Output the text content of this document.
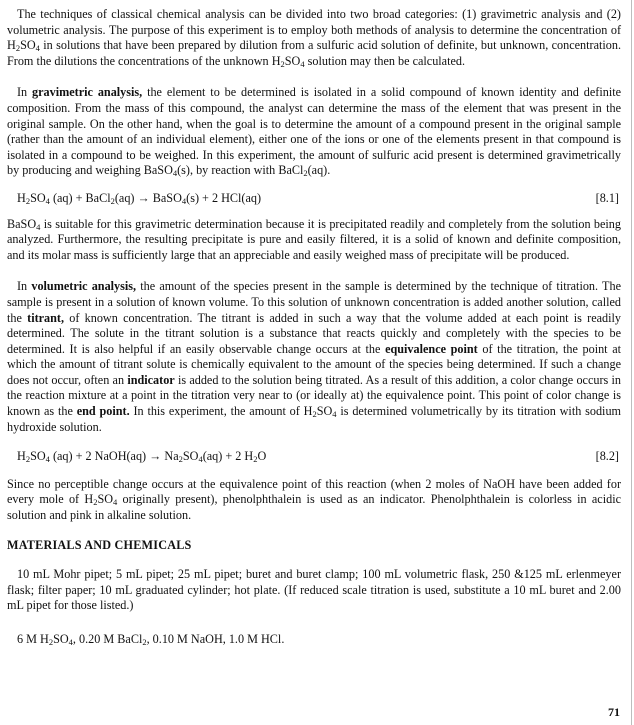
The techniques of classical chemical analysis can be divided into two broad categories: (1) gravimetric analysis and (2) volumetric analysis. The purpose of this experiment is to employ both methods of analysis to determine the concentration of $H_2SO_4$ in solutions that have been prepared by dilution from a sulfuric acid solution of definite, but unknown, concentration. From the dilutions the concentrations of the unknown $H_2SO_4$ solution may then be calculated.

In gravimetric analysis, the element to be determined is isolated in a solid compound of known identity and definite composition. From the mass of this compound, the analyst can determine the mass of the element that was present in the original sample. On the other hand, when the goal is to determine the amount of a compound present in the original sample (rather than the amount of an individual element), either one of the ions or one of the elements present in that compound is isolated in a compound to be weighed. In this experiment, the amount of sulfuric acid present is determined gravimetrically by producing and weighing BaSO$_4$(s), by reaction with BaCl$_2$(aq).

$H_2SO_4$ (aq) + BaCl$_2$(aq) → BaSO$_4$(s) + 2 HCl(aq)	[8.1]

BaSO$_4$ is suitable for this gravimetric determination because it is precipitated readily and completely from the solution being analyzed. Furthermore, the resulting precipitate is pure and easily filtered, it is a solid of known and definite composition, and its molar mass is sufficiently large that an appreciable and easily weighed mass of precipitate will be produced.

In volumetric analysis, the amount of the species present in the sample is determined by the technique of titration. The sample is present in a solution of known volume. To this solution of unknown concentration is added another solution, called the titrant, of known concentration. The titrant is added in such a way that the volume added at each point is readily determined. The solute in the titrant solution is a substance that reacts quickly and completely with the species to be determined. It is also helpful if an easily observable change occurs at the equivalence point of the titration, the point at which the amount of titrant solute is chemically equivalent to the amount of the species being determined. If such a change does not occur, often an indicator is added to the solution being titrated. As a result of this addition, a color change occurs in the reaction mixture at a point in the titration very near to (or ideally at) the equivalence point. This point of color change is known as the end point. In this experiment, the amount of $H_2SO_4$ is determined volumetrically by its titration with sodium hydroxide solution.

$H_2SO_4$ (aq) + 2 NaOH(aq) → $Na_2SO_4(aq) + 2$ $H_2O$	[8.2]

Since no perceptible change occurs at the equivalence point of this reaction (when 2 moles of NaOH have been added for every mole of $H_2SO_4$ originally present), phenolphthalein is used as an indicator. Phenolphthalein is colorless in acidic solution and pink in alkaline solution.

MATERIALS AND CHEMICALS

10 mL Mohr pipet; 5 mL pipet; 25 mL pipet; buret and buret clamp; 100 mL volumetric flask, 250 &125 mL erlenmeyer flask; filter paper; 10 mL graduated cylinder; hot plate. (If reduced scale titration is used, substitute a 10 mL buret and 2.00 mL pipet for those listed.)

6 M $H_2SO_4$, 0.20 M BaCl$_2$, 0.10 M NaOH, 1.0 M HCl.

71
